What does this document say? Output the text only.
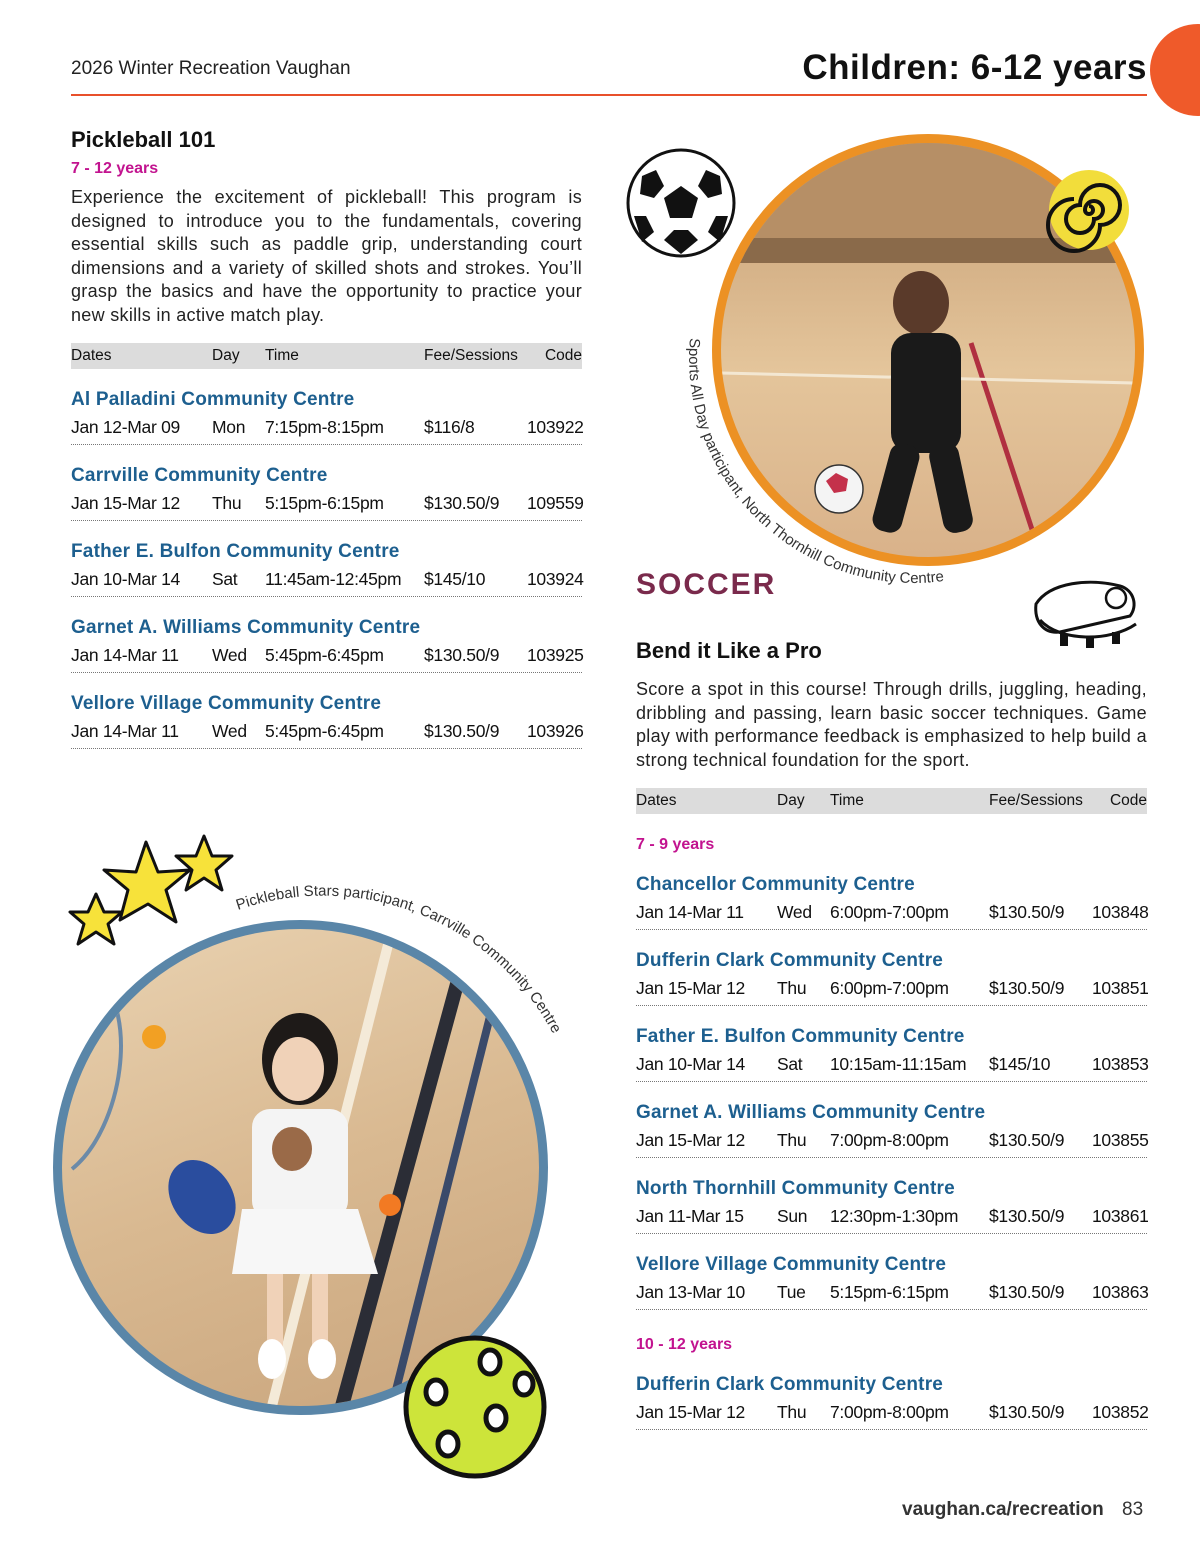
2026 Winter Recreation Vaughan	Children: 6-12 years
Pickleball 101
7 - 12 years
Experience the excitement of pickleball! This program is designed to introduce you to the fundamentals, covering essential skills such as paddle grip, understanding court dimensions and a variety of skilled shots and strokes. You’ll grasp the basics and have the opportunity to practice your new skills in active match play.
Dates	Day	Time	Fee/Sessions	Code
Al Palladini Community Centre
Jan 12-Mar 09	Mon	7:15pm-8:15pm	$116/8	103922
Carrville Community Centre
Jan 15-Mar 12	Thu	5:15pm-6:15pm	$130.50/9	109559
Father E. Bulfon Community Centre
Jan 10-Mar 14	Sat	11:45am-12:45pm	$145/10	103924
Garnet A. Williams Community Centre
Jan 14-Mar 11	Wed	5:45pm-6:45pm	$130.50/9	103925
Vellore Village Community Centre
Jan 14-Mar 11	Wed	5:45pm-6:45pm	$130.50/9	103926
Sports All Day participant, North Thornhill Community Centre
SOCCER
Bend it Like a Pro
Score a spot in this course! Through drills, juggling, heading, dribbling and passing, learn basic soccer techniques. Game play with performance feedback is emphasized to help build a strong technical foundation for the sport.
Dates	Day	Time	Fee/Sessions	Code
7 - 9 years
Chancellor Community Centre
Jan 14-Mar 11	Wed	6:00pm-7:00pm	$130.50/9	103848
Dufferin Clark Community Centre
Jan 15-Mar 12	Thu	6:00pm-7:00pm	$130.50/9	103851
Father E. Bulfon Community Centre
Jan 10-Mar 14	Sat	10:15am-11:15am	$145/10	103853
Garnet A. Williams Community Centre
Jan 15-Mar 12	Thu	7:00pm-8:00pm	$130.50/9	103855
North Thornhill Community Centre
Jan 11-Mar 15	Sun	12:30pm-1:30pm	$130.50/9	103861
Vellore Village Community Centre
Jan 13-Mar 10	Tue	5:15pm-6:15pm	$130.50/9	103863
10 - 12 years
Dufferin Clark Community Centre
Jan 15-Mar 12	Thu	7:00pm-8:00pm	$130.50/9	103852
Pickleball Stars participant, Carrville Community Centre
vaughan.ca/recreation 83
